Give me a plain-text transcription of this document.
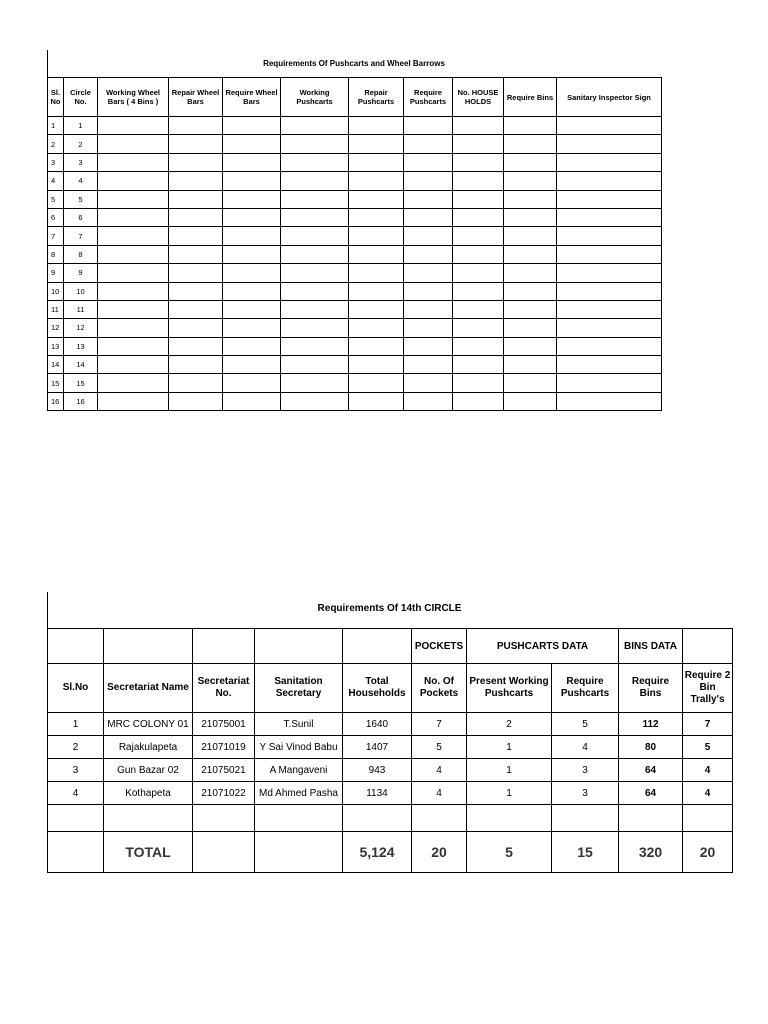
Requirements Of Pushcarts and Wheel Barrows
Sl. No	Circle No.	Working Wheel Bars ( 4 Bins )	Repair Wheel Bars	Require Wheel Bars	Working Pushcarts	Repair Pushcarts	Require Pushcarts	No. HOUSE HOLDS	Require Bins	Sanitary Inspector Sign
1	1									
2	2									
3	3									
4	4									
5	5									
6	6									
7	7									
8	8									
9	9									
10	10									
11	11									
12	12									
13	13									
14	14									
15	15									
16	16									
Requirements Of 14th CIRCLE
					POCKETS	PUSHCARTS DATA		BINS DATA	
Sl.No	Secretariat Name	Secretariat No.	Sanitation Secretary	Total Households	No. Of Pockets	Present Working Pushcarts	Require Pushcarts	Require Bins	Require 2 Bin Trally's
1	MRC COLONY 01	21075001	T.Sunil	1640	7	2	5	112	7
2	Rajakulapeta	21071019	Y Sai Vinod Babu	1407	5	1	4	80	5
3	Gun Bazar 02	21075021	A Mangaveni	943	4	1	3	64	4
4	Kothapeta	21071022	Md Ahmed Pasha	1134	4	1	3	64	4

	TOTAL			5,124	20	5	15	320	20
